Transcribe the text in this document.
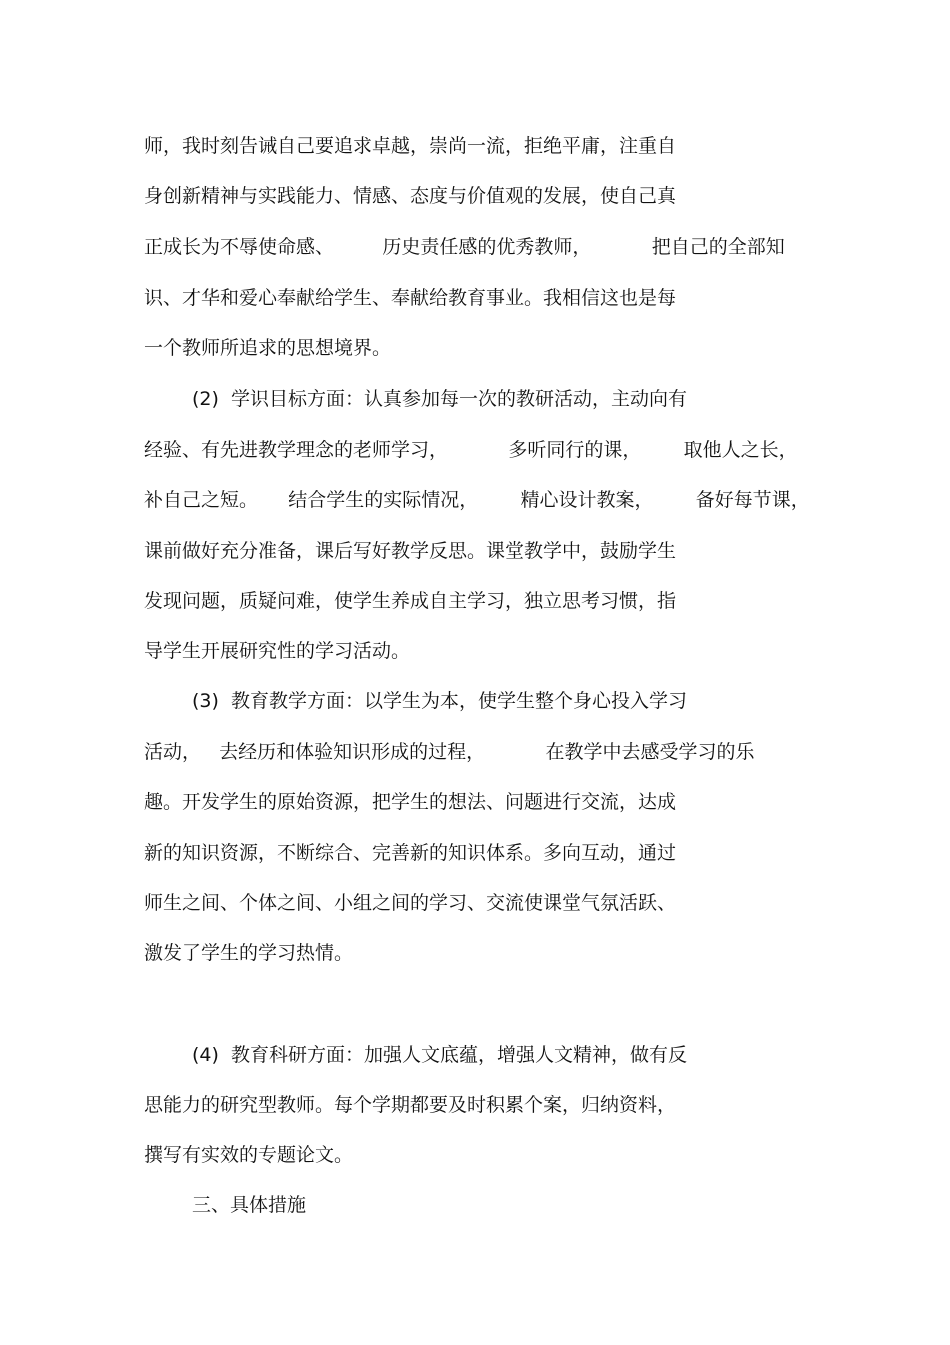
师，我时刻告诫自己要追求卓越，崇尚一流，拒绝平庸，注重自

身创新精神与实践能力、情感、态度与价值观的发展，使自己真

正成长为不辱使命感、        历史责任感的优秀教师，          把自己的全部知

识、才华和爱心奉献给学生、奉献给教育事业。我相信这也是每

一个教师所追求的思想境界。

(2)  学识目标方面：认真参加每一次的教研活动，主动向有

经验、有先进教学理念的老师学习，          多听同行的课，       取他人之长，

补自己之短。     结合学生的实际情况，       精心设计教案，       备好每节课，

课前做好充分准备，课后写好教学反思。课堂教学中，鼓励学生

发现问题，质疑问难，使学生养成自主学习，独立思考习惯，指

导学生开展研究性的学习活动。

(3)  教育教学方面：以学生为本，使学生整个身心投入学习

活动，   去经历和体验知识形成的过程，          在教学中去感受学习的乐

趣。开发学生的原始资源，把学生的想法、问题进行交流，达成

新的知识资源，不断综合、完善新的知识体系。多向互动，通过

师生之间、个体之间、小组之间的学习、交流使课堂气氛活跃、

激发了学生的学习热情。

(4)  教育科研方面：加强人文底蕴，增强人文精神，做有反

思能力的研究型教师。每个学期都要及时积累个案，归纳资料，

撰写有实效的专题论文。

三、具体措施
